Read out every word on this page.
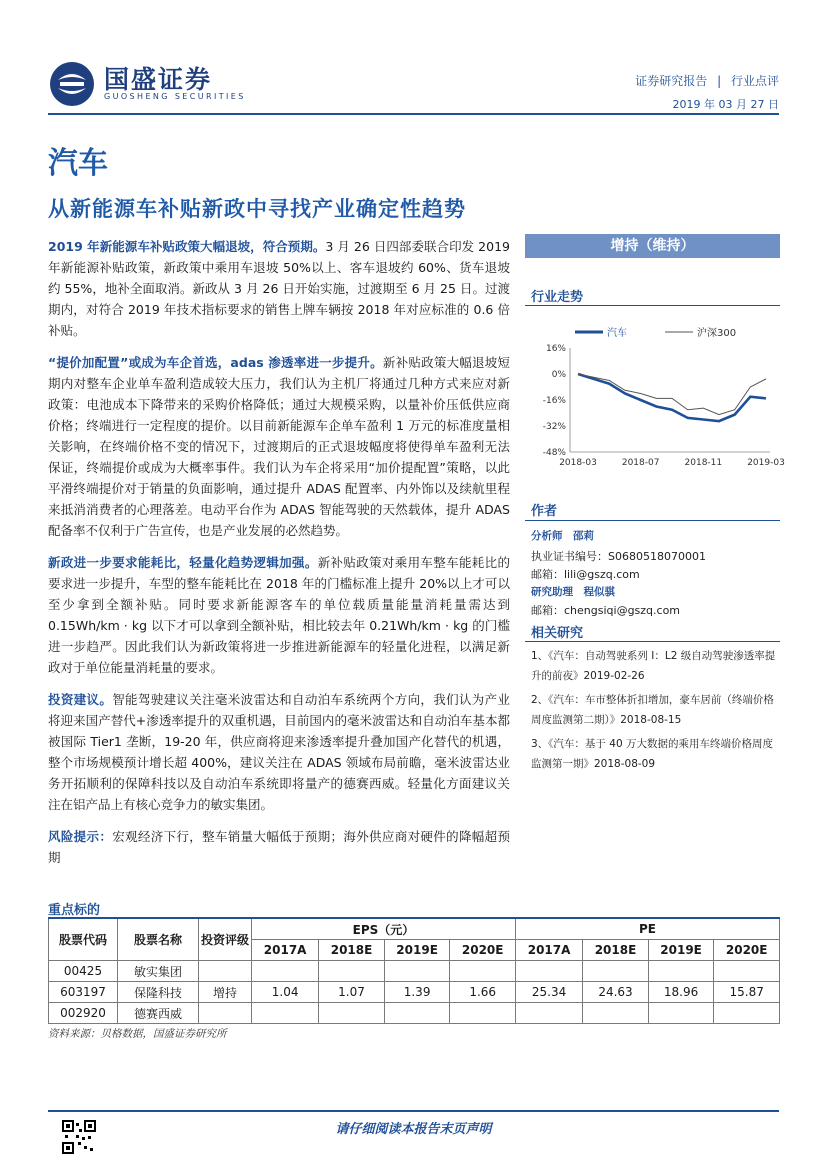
国盛证券
GUOSHENG SECURITIES
证券研究报告 | 行业点评
2019 年 03 月 27 日
汽车
从新能源车补贴新政中寻找产业确定性趋势

2019 年新能源车补贴政策大幅退坡，符合预期。3 月 26 日四部委联合印发 2019 年新能源补贴政策，新政策中乘用车退坡 50%以上、客车退坡约 60%、货车退坡约 55%，地补全面取消。新政从 3 月 26 日开始实施，过渡期至 6 月 25 日。过渡期内，对符合 2019 年技术指标要求的销售上牌车辆按 2018 年对应标准的 0.6 倍补贴。

“提价加配置”或成为车企首选，adas 渗透率进一步提升。新补贴政策大幅退坡短期内对整车企业单车盈利造成较大压力，我们认为主机厂将通过几种方式来应对新政策：电池成本下降带来的采购价格降低；通过大规模采购，以量补价压低供应商价格；终端进行一定程度的提价。以目前新能源车企单车盈利 1 万元的标准度量相关影响，在终端价格不变的情况下，过渡期后的正式退坡幅度将使得单车盈利无法保证，终端提价或成为大概率事件。我们认为车企将采用“加价提配置”策略，以此平滑终端提价对于销量的负面影响，通过提升 ADAS 配置率、内外饰以及续航里程来抵消消费者的心理落差。电动平台作为 ADAS 智能驾驶的天然载体，提升 ADAS 配备率不仅利于广告宣传，也是产业发展的必然趋势。

新政进一步要求能耗比，轻量化趋势逻辑加强。新补贴政策对乘用车整车能耗比的要求进一步提升，车型的整车能耗比在 2018 年的门槛标准上提升 20%以上才可以至少拿到全额补贴。同时要求新能源客车的单位载质量能量消耗量需达到 0.15Wh/km · kg 以下才可以拿到全额补贴，相比较去年 0.21Wh/km · kg 的门槛进一步趋严。因此我们认为新政策将进一步推进新能源车的轻量化进程，以满足新政对于单位能量消耗量的要求。

投资建议。智能驾驶建议关注毫米波雷达和自动泊车系统两个方向，我们认为产业将迎来国产替代+渗透率提升的双重机遇，目前国内的毫米波雷达和自动泊车基本都被国际 Tier1 垄断，19-20 年，供应商将迎来渗透率提升叠加国产化替代的机遇，整个市场规模预计增长超 400%，建议关注在 ADAS 领域布局前瞻，毫米波雷达业务开拓顺利的保障科技以及自动泊车系统即将量产的德赛西威。轻量化方面建议关注在铝产品上有核心竞争力的敏实集团。

风险提示：宏观经济下行，整车销量大幅低于预期；海外供应商对硬件的降幅超预期

增持（维持）
行业走势
汽车	沪深300
16%
0%
-16%
-32%
-48%
2018-03	2018-07	2018-11	2019-03
作者
分析师 邵莉
执业证书编号：S0680518070001
邮箱：lili@gszq.com
研究助理 程似骐
邮箱：chengsiqi@gszq.com
相关研究
1、《汽车：自动驾驶系列 I：L2 级自动驾驶渗透率提升的前夜》2019-02-26
2、《汽车：车市整体折扣增加，豪车居前（终端价格周度监测第二期）》2018-08-15
3、《汽车：基于 40 万大数据的乘用车终端价格周度监测第一期》2018-08-09
重点标的
股票代码	股票名称	投资评级	EPS（元）				PE			
			2017A	2018E	2019E	2020E	2017A	2018E	2019E	2020E
00425	敏实集团									
603197	保隆科技	增持	1.04	1.07	1.39	1.66	25.34	24.63	18.96	15.87
002920	德赛西威									
资料来源：贝格数据，国盛证券研究所
请仔细阅读本报告末页声明
